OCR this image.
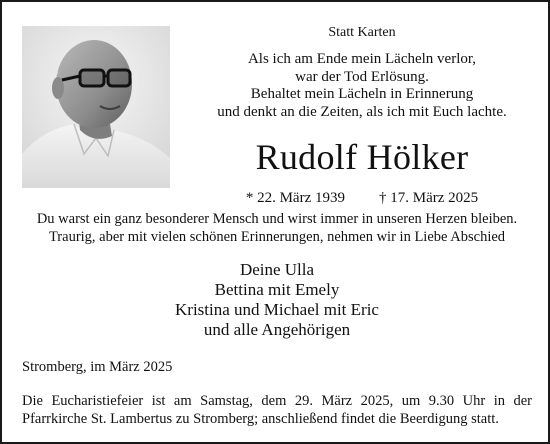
Statt Karten
Als ich am Ende mein Lächeln verlor,
war der Tod Erlösung.
Behaltet mein Lächeln in Erinnerung
und denkt an die Zeiten, als ich mit Euch lachte.
Rudolf Hölker
* 22. März 1939 † 17. März 2025
Du warst ein ganz besonderer Mensch und wirst immer in unseren Herzen bleiben.
Traurig, aber mit vielen schönen Erinnerungen, nehmen wir in Liebe Abschied
Deine Ulla
Bettina mit Emely
Kristina und Michael mit Eric
und alle Angehörigen
Stromberg, im März 2025
Die Eucharistiefeier ist am Samstag, dem 29. März 2025, um 9.30 Uhr in der
Pfarrkirche St. Lambertus zu Stromberg; anschließend findet die Beerdigung statt.
